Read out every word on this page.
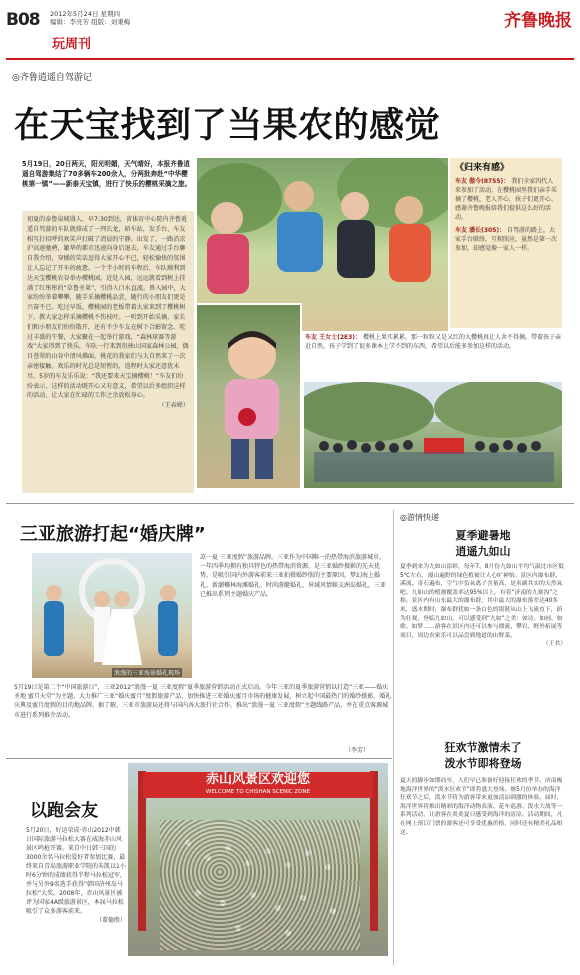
B08 2012年5月24日 星期四
编辑：李亮芳 组版：刘秉梅	齐鲁晚报
玩周刊
◎齐鲁逍遥自驾游记
在天宝找到了当果农的感觉
5月19日，20日两天，阳光明媚，天气晴好，本报齐鲁逍遥自驾游集结了70多辆车200余人，分两批奔赴“中华樱桃第一镇”——新泰天宝镇，进行了快乐的樱桃采摘之旅。
初夏的泰鲁泉城盛人，早7:30到达，省体育中心院内齐鲁逍遥自驾游的车队就排成了一列长龙，轿车站，发手台，车友相互打招呼的欢笑声打破了清晨的宁静。出发了，一路沿京沪高速驰骋，繁华的都市迅速向身后退去，车友通过手台聊自我介绍，穿插的笑话逗得大家开心不已，轻松愉快的氛围让人忘记了开车的疲惫。一个半小时的车程后，车队顺利到达天宝樱桃农谷举办樱桃园。近处入园，远远就看到树上挂满了红彤彤的“草鲁圣果”，引得人口水直流。鼻入园中，大家纷纷举着攀攀，随手采摘樱桃品尝，随行的小朋友们更是兴奋不已。吃过早饭，樱桃园的老板带着大家来到了樱桃树下，教大家怎样采摘樱桃不伤枝叶。一听到开始采摘，家长们和小朋友们纷纷散开，还有不少车友在树下合影留念。吃过丰盛的午餐，大家聚在一起举行游戏，“森林球赛等游戏”大家得到了快乐，车队一行来到徂徕山国家森林公园，偶目苍翠的山谷中清风佛面，挑花的我家们与大自然来了一次亲密接触。欢乐的时光总是短暂的，返程时大家还意犹未尽，5岁的车友乐乐说：“我还要来天宝摘樱桃！”车友们纷纷表示，这样的活动既开心又有意义，希望以后多组织这样的活动，让大家在忙碌的工作之余放松身心。
（王春婵）
《归来有感》
车友 傲今(8755)： 我们全家四代人来参加了活动，在樱桃园里我们亲手采摘了樱桃，老人开心，孩子们更开心，感谢齐鲁晚报给我们提供这么好的活动。
车友 潘长(305)： 自驾游的路上，大家手台联络，互相照应，虽然是第一次参加，却感觉像一家人一样。
车友 王女士(2E3)： 樱桃上果实累累，那一粒粒又是又红的大樱桃真让人舍不得摘。带着孩子亲近自然，孩子学到了很多课本上学不到的东西，希望以后能多参加这样的活动。
三亚旅游打起“婚庆牌”
浪漫的三亚海景婚礼现场
凉一夏 三亚度假”旅游品牌。三亚作为中国唯一的热带海滨旅游城市，一年四季均拥有独具特色的热带海滨资源，是三亚婚纱摄影的先天优势。是吸引国内外游客前来三亚拍摄婚纱照的主要原因。梦幻海上婚礼、新潮椰林海滩婚礼、时尚游艇婚礼、异域风情蜈支洲岛婚礼，三亚已推出系列主题婚庆产品。
5月19日是第二个“中国旅游日”，三亚2012“浪漫一夏 三亚度假”夏季旅游营销活动正式启动。今年三亚的夏季旅游营销以打造“三亚——婚庆圣地 蜜月天堂”为主题，大力推广三亚“婚庆蜜月”度假旅游产品，加快推进三亚婚庆蜜月市场的健康发展，树立起中国最热门的婚纱摄影、婚礼庆典及蜜月度假的目的地品牌。据了解，三亚市旅游局还将与国内各大旅行社合作，推出“浪漫一夏 三亚度假”主题线路产品，并在重点客源城市进行系列推介活动。
（李芳）
以跑会友
5月20日，好运荣成·赤山2012中韩日国际旅游马拉松大赛在威海赤山风景区鸣枪开赛。来自中日韩三国的3000余名马拉松爱好者参加比赛，最终来自青岛旅游职业学院的朱凯以1小时6分钟的成绩获得半程马拉松冠军，并与另外9名选手获得“韩国济州岛马拉松”大奖。2008年，赤山风景区被评为国家4A级旅游景区，本届马拉松吸引了众多游客前来。
（董德胜）
赤山风景区欢迎您
WELCOME TO CHISHAN SCENIC ZONE
◎游情快递
夏季避暑地
逍遥九如山
夏季到来为九如山添彩，每年7、8月份九如山平均气温比市区低5℃左右，漫山遍野的绿色植被让人心旷神怡。景区内瀑布群、溪流、奇石遍布，空气中负氧离子含量高，是名副其实的天然氧吧。九如山的植被覆盖率达95%以上，有着“济南的九寨沟”之称。景区内有山东最大的瀑布群，其中最大的瀑布落差达40多米，盛水期时，瀑布群犹如一条白色的银链从山上飞流直下，蔚为壮观。登临九如山，可以感受到“九如”之美：如诗、如画、如歌、如梦……游客在景区内还可以参与漂流、攀岩、野外拓展等项目，周边农家乐可以品尝到地道的山野菜。
（王君）
狂欢节激情未了
泼水节即将登场
夏天的脚步如期而至，人们早已准备好迎接狂欢的季节。济南极地海洋世界的“泼水狂欢节”即将盛大登场。继5月份举办的海洋狂欢节之后，泼水节将为游客带来更加清凉刺激的体验。届时，海洋世界将推出精彩的海洋动物表演、花车巡游、泼水大战等一系列活动，让游客在炎炎夏日感受到海洋的清凉。活动期间，凡在网上预订门票的游客还可享受优惠价格，同时还有精美礼品相送。
